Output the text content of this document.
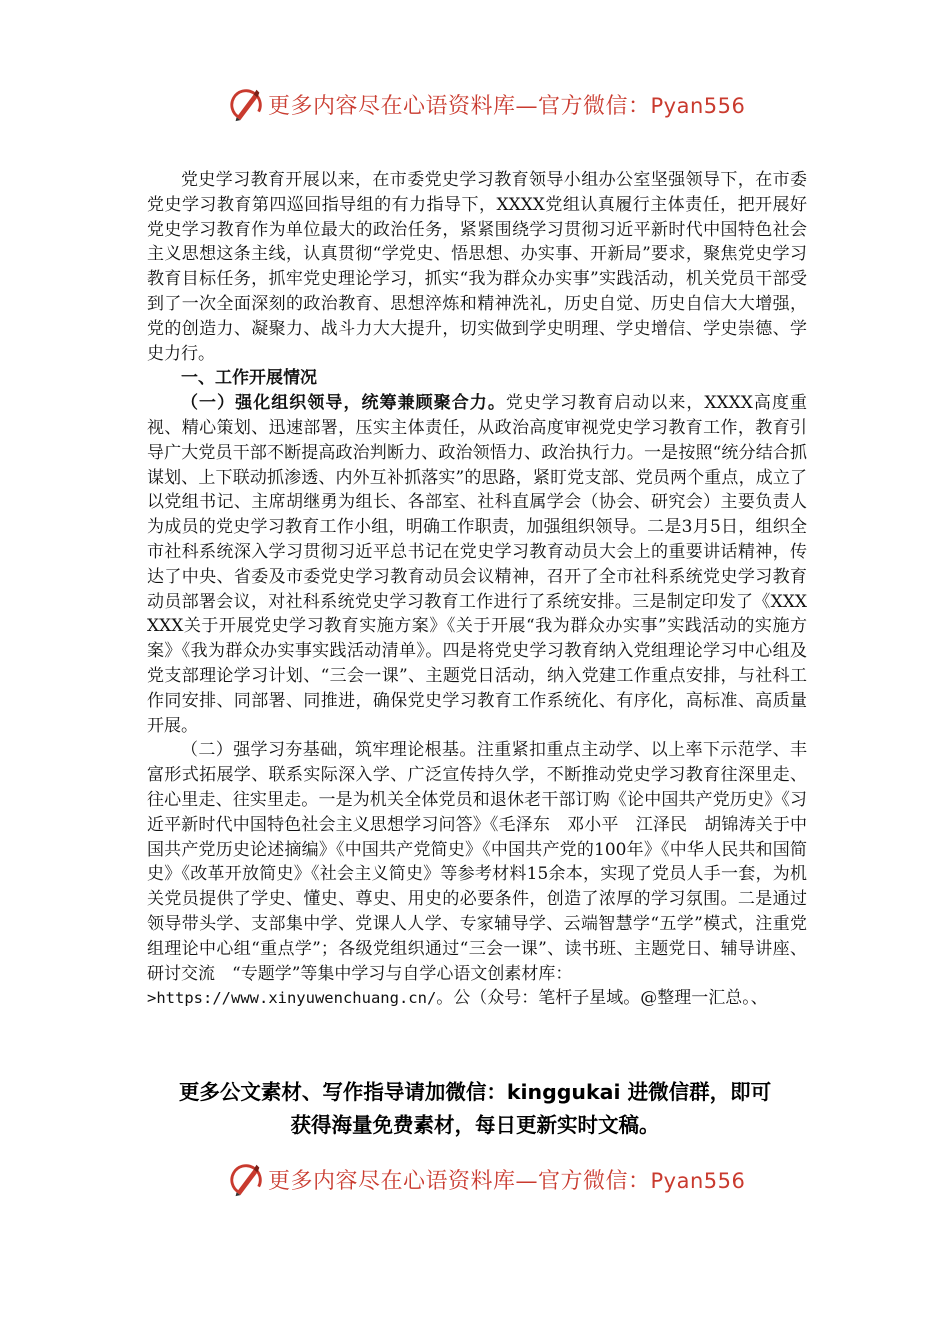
更多内容尽在心语资料库—官方微信：Pyan556

党史学习教育开展以来，在市委党史学习教育领导小组办公室坚强领导下，在市委党史学习教育第四巡回指导组的有力指导下，XXXX党组认真履行主体责任，把开展好党史学习教育作为单位最大的政治任务，紧紧围绕学习贯彻习近平新时代中国特色社会主义思想这条主线，认真贯彻“学党史、悟思想、办实事、开新局”要求，聚焦党史学习教育目标任务，抓牢党史理论学习，抓实“我为群众办实事”实践活动，机关党员干部受到了一次全面深刻的政治教育、思想淬炼和精神洗礼，历史自觉、历史自信大大增强，党的创造力、凝聚力、战斗力大大提升，切实做到学史明理、学史增信、学史崇德、学史力行。

一、工作开展情况

（一）强化组织领导，统筹兼顾聚合力。党史学习教育启动以来，XXXX高度重视、精心策划、迅速部署，压实主体责任，从政治高度审视党史学习教育工作，教育引导广大党员干部不断提高政治判断力、政治领悟力、政治执行力。一是按照“统分结合抓谋划、上下联动抓渗透、内外互补抓落实”的思路，紧盯党支部、党员两个重点，成立了以党组书记、主席胡继勇为组长、各部室、社科直属学会（协会、研究会）主要负责人为成员的党史学习教育工作小组，明确工作职责，加强组织领导。二是3月5日，组织全市社科系统深入学习贯彻习近平总书记在党史学习教育动员大会上的重要讲话精神，传达了中央、省委及市委党史学习教育动员会议精神，召开了全市社科系统党史学习教育动员部署会议，对社科系统党史学习教育工作进行了系统安排。三是制定印发了《XXXXXX关于开展党史学习教育实施方案》《关于开展“我为群众办实事”实践活动的实施方案》《我为群众办实事实践活动清单》。四是将党史学习教育纳入党组理论学习中心组及党支部理论学习计划、“三会一课”、主题党日活动，纳入党建工作重点安排，与社科工作同安排、同部署、同推进，确保党史学习教育工作系统化、有序化，高标准、高质量开展。

（二）强学习夯基础，筑牢理论根基。注重紧扣重点主动学、以上率下示范学、丰富形式拓展学、联系实际深入学、广泛宣传持久学，不断推动党史学习教育往深里走、往心里走、往实里走。一是为机关全体党员和退休老干部订购《论中国共产党历史》《习近平新时代中国特色社会主义思想学习问答》《毛泽东　邓小平　江泽民　胡锦涛关于中国共产党历史论述摘编》《中国共产党简史》《中国共产党的100年》《中华人民共和国简史》《改革开放简史》《社会主义简史》等参考材料15余本，实现了党员人手一套，为机关党员提供了学史、懂史、尊史、用史的必要条件，创造了浓厚的学习氛围。二是通过领导带头学、支部集中学、党课人人学、专家辅导学、云端智慧学“五学”模式，注重党组理论中心组“重点学”；各级党组织通过“三会一课”、读书班、主题党日、辅导讲座、研讨交流　“专题学”等集中学习与自学心语文创素材库：

>https://www.xinyuwenchuang.cn/。公（众号：笔杆子星域。@整理一汇总。、

更多公文素材、写作指导请加微信：kinggukai 进微信群，即可
获得海量免费素材，每日更新实时文稿。
更多内容尽在心语资料库—官方微信：Pyan556
